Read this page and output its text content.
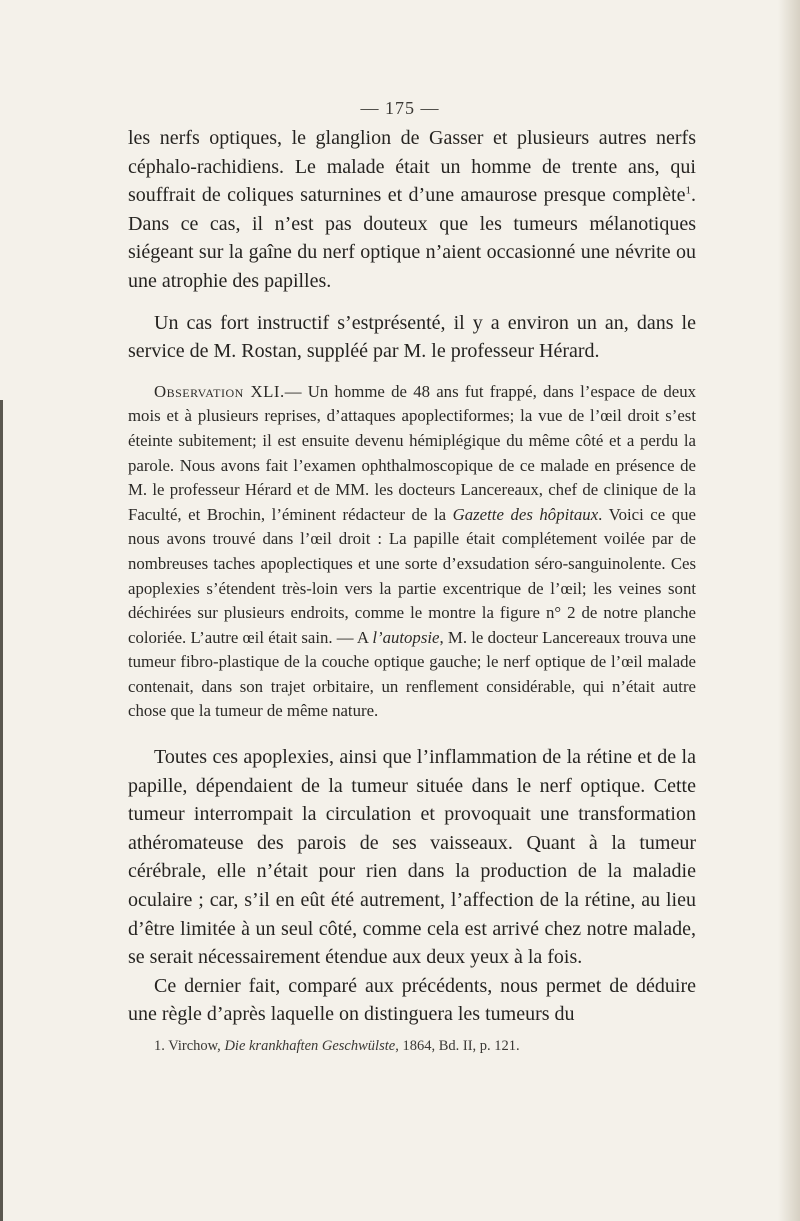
— 175 —

les nerfs optiques, le glanglion de Gasser et plusieurs autres nerfs céphalo-rachidiens. Le malade était un homme de trente ans, qui souffrait de coliques saturnines et d’une amaurose presque complète$^1$. Dans ce cas, il n’est pas douteux que les tumeurs mélanotiques siégeant sur la gaîne du nerf optique n’aient occasionné une névrite ou une atrophie des papilles.

Un cas fort instructif s’estprésenté, il y a environ un an, dans le service de M. Rostan, suppléé par M. le professeur Hérard.

Observation XLI.— Un homme de 48 ans fut frappé, dans l’espace de deux mois et à plusieurs reprises, d’attaques apoplectiformes; la vue de l’œil droit s’est éteinte subitement; il est ensuite devenu hémiplégique du même côté et a perdu la parole. Nous avons fait l’examen ophthalmoscopique de ce malade en présence de M. le professeur Hérard et de MM. les docteurs Lancereaux, chef de clinique de la Faculté, et Brochin, l’éminent rédacteur de la Gazette des hôpitaux. Voici ce que nous avons trouvé dans l’œil droit : La papille était complétement voilée par de nombreuses taches apoplectiques et une sorte d’exsudation séro-sanguinolente. Ces apoplexies s’étendent très-loin vers la partie excentrique de l’œil; les veines sont déchirées sur plusieurs endroits, comme le montre la figure n° 2 de notre planche coloriée. L’autre œil était sain. — A l’autopsie, M. le docteur Lancereaux trouva une tumeur fibro-plastique de la couche optique gauche; le nerf optique de l’œil malade contenait, dans son trajet orbitaire, un renflement considérable, qui n’était autre chose que la tumeur de même nature.

Toutes ces apoplexies, ainsi que l’inflammation de la rétine et de la papille, dépendaient de la tumeur située dans le nerf optique. Cette tumeur interrompait la circulation et provoquait une transformation athéromateuse des parois de ses vaisseaux. Quant à la tumeur cérébrale, elle n’était pour rien dans la production de la maladie oculaire ; car, s’il en eût été autrement, l’affection de la rétine, au lieu d’être limitée à un seul côté, comme cela est arrivé chez notre malade, se serait nécessairement étendue aux deux yeux à la fois.

Ce dernier fait, comparé aux précédents, nous permet de déduire une règle d’après laquelle on distinguera les tumeurs du

1. Virchow, Die krankhaften Geschwülste, 1864, Bd. II, p. 121.
